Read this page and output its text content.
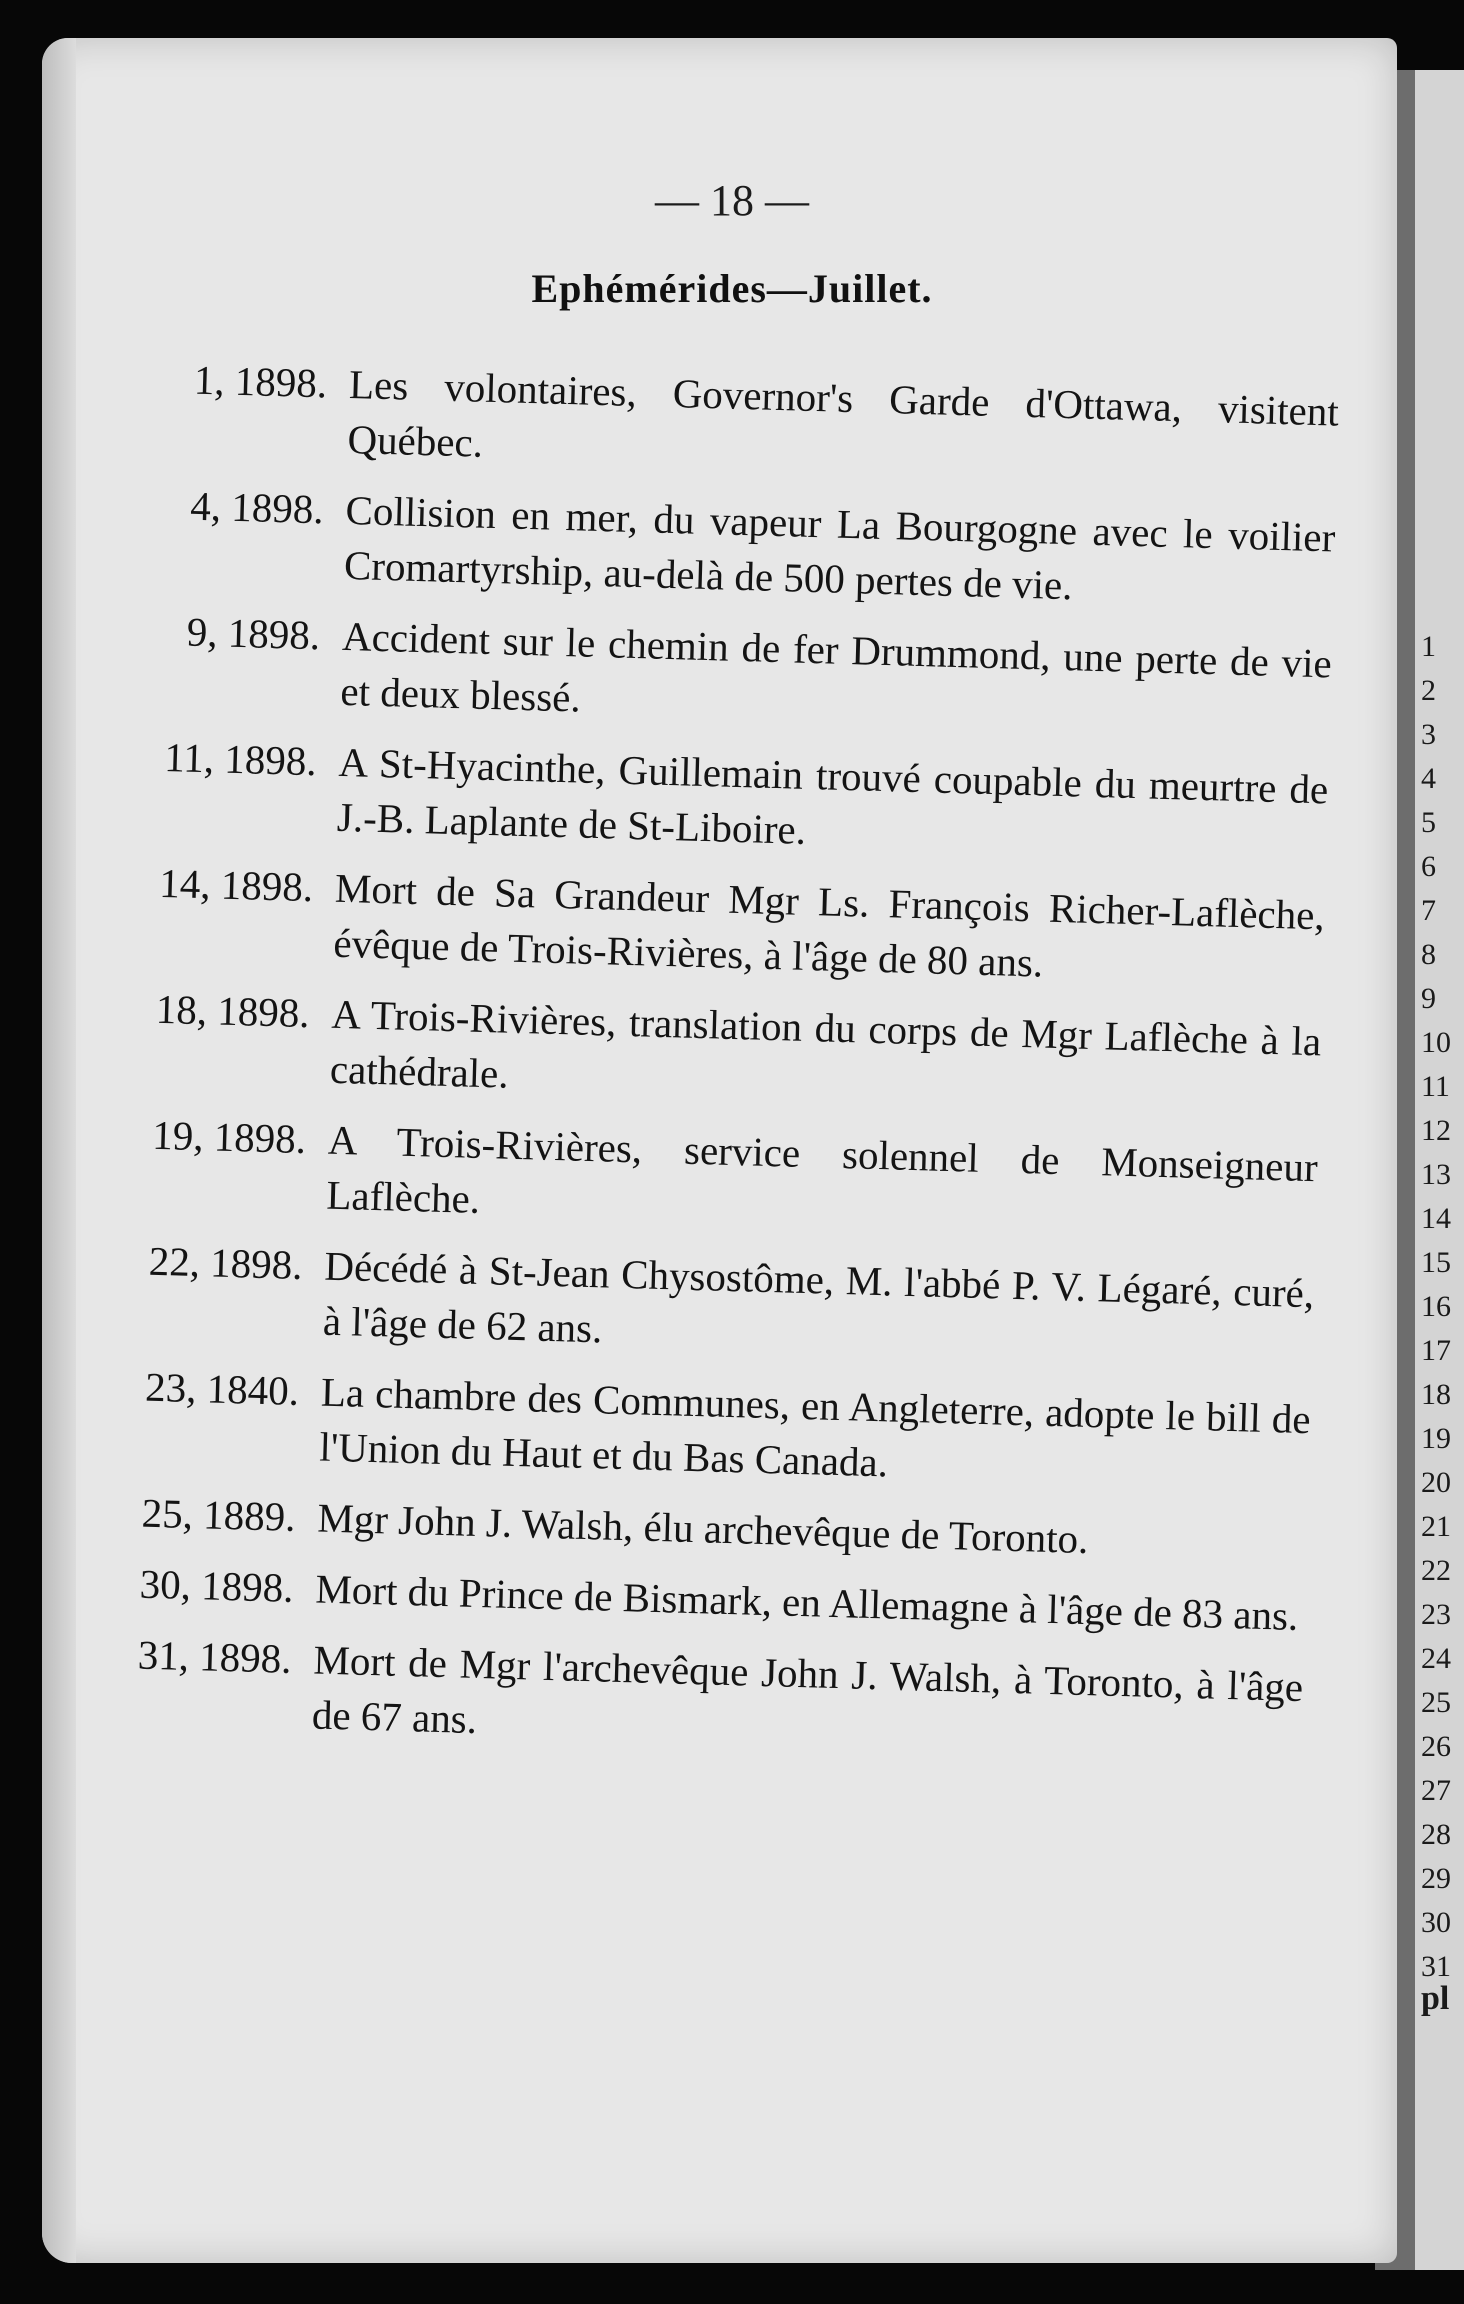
1
2
3
4
5
6
7
8
9
10
11
12
13
14
15
16
17
18
19
20
21
22
23
24
25
26
27
28
29
30
31
pl
— 18 —
Ephémérides—Juillet.
1, 1898. Les volontaires, Governor's Garde d'Ottawa, visitent Québec.
4, 1898. Collision en mer, du vapeur La Bourgogne avec le voilier Cromartyrship, au-delà de 500 pertes de vie.
9, 1898. Accident sur le chemin de fer Drummond, une perte de vie et deux blessé.
11, 1898. A St-Hyacinthe, Guillemain trouvé coupable du meurtre de J.-B. Laplante de St-Liboire.
14, 1898. Mort de Sa Grandeur Mgr Ls. François Richer-Laflèche, évêque de Trois-Rivières, à l'âge de 80 ans.
18, 1898. A Trois-Rivières, translation du corps de Mgr Laflèche à la cathédrale.
19, 1898. A Trois-Rivières, service solennel de Monseigneur Laflèche.
22, 1898. Décédé à St-Jean Chysostôme, M. l'abbé P. V. Légaré, curé, à l'âge de 62 ans.
23, 1840. La chambre des Communes, en Angleterre, adopte le bill de l'Union du Haut et du Bas Canada.
25, 1889. Mgr John J. Walsh, élu archevêque de Toronto.
30, 1898. Mort du Prince de Bismark, en Allemagne à l'âge de 83 ans.
31, 1898. Mort de Mgr l'archevêque John J. Walsh, à Toronto, à l'âge de 67 ans.
